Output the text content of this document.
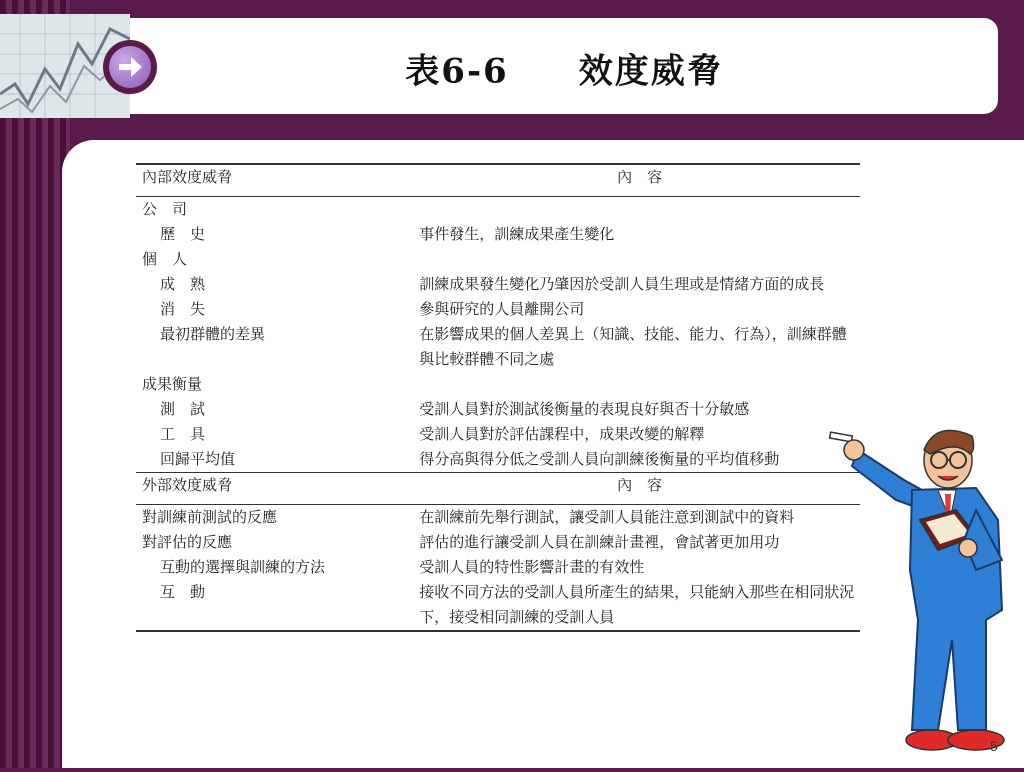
表6-6 效度威脅
內部效度威脅	內　容
公　司	
歷　史	事件發生，訓練成果產生變化
個　人	
成　熟	訓練成果發生變化乃肇因於受訓人員生理或是情緒方面的成長
消　失	參與研究的人員離開公司
最初群體的差異	在影響成果的個人差異上（知識、技能、能力、行為），訓練群體與比較群體不同之處
成果衡量	
測　試	受訓人員對於測試後衡量的表現良好與否十分敏感
工　具	受訓人員對於評估課程中，成果改變的解釋
回歸平均值	得分高與得分低之受訓人員向訓練後衡量的平均值移動
外部效度威脅	內　容
對訓練前測試的反應	在訓練前先舉行測試，讓受訓人員能注意到測試中的資料
對評估的反應	評估的進行讓受訓人員在訓練計畫裡，會試著更加用功
互動的選擇與訓練的方法	受訓人員的特性影響計畫的有效性
互　動	接收不同方法的受訓人員所產生的結果，只能納入那些在相同狀況下，接受相同訓練的受訓人員
5
